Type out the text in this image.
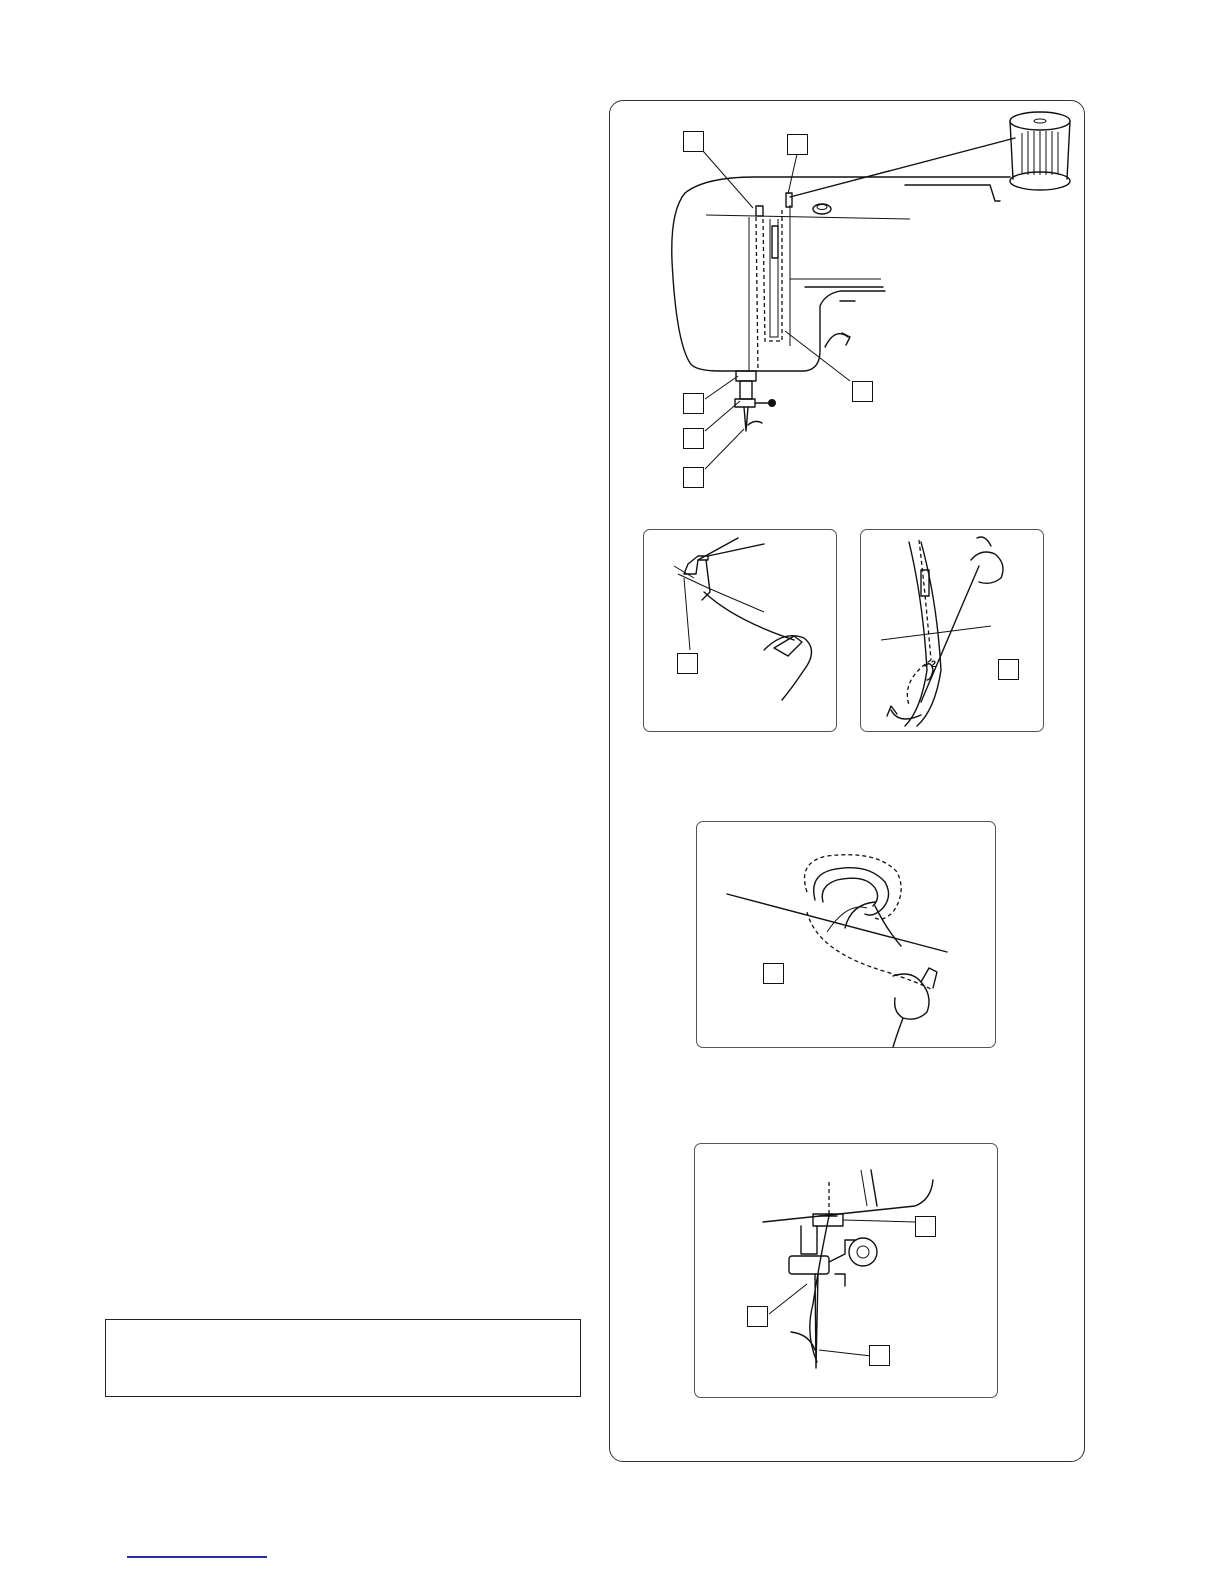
2
